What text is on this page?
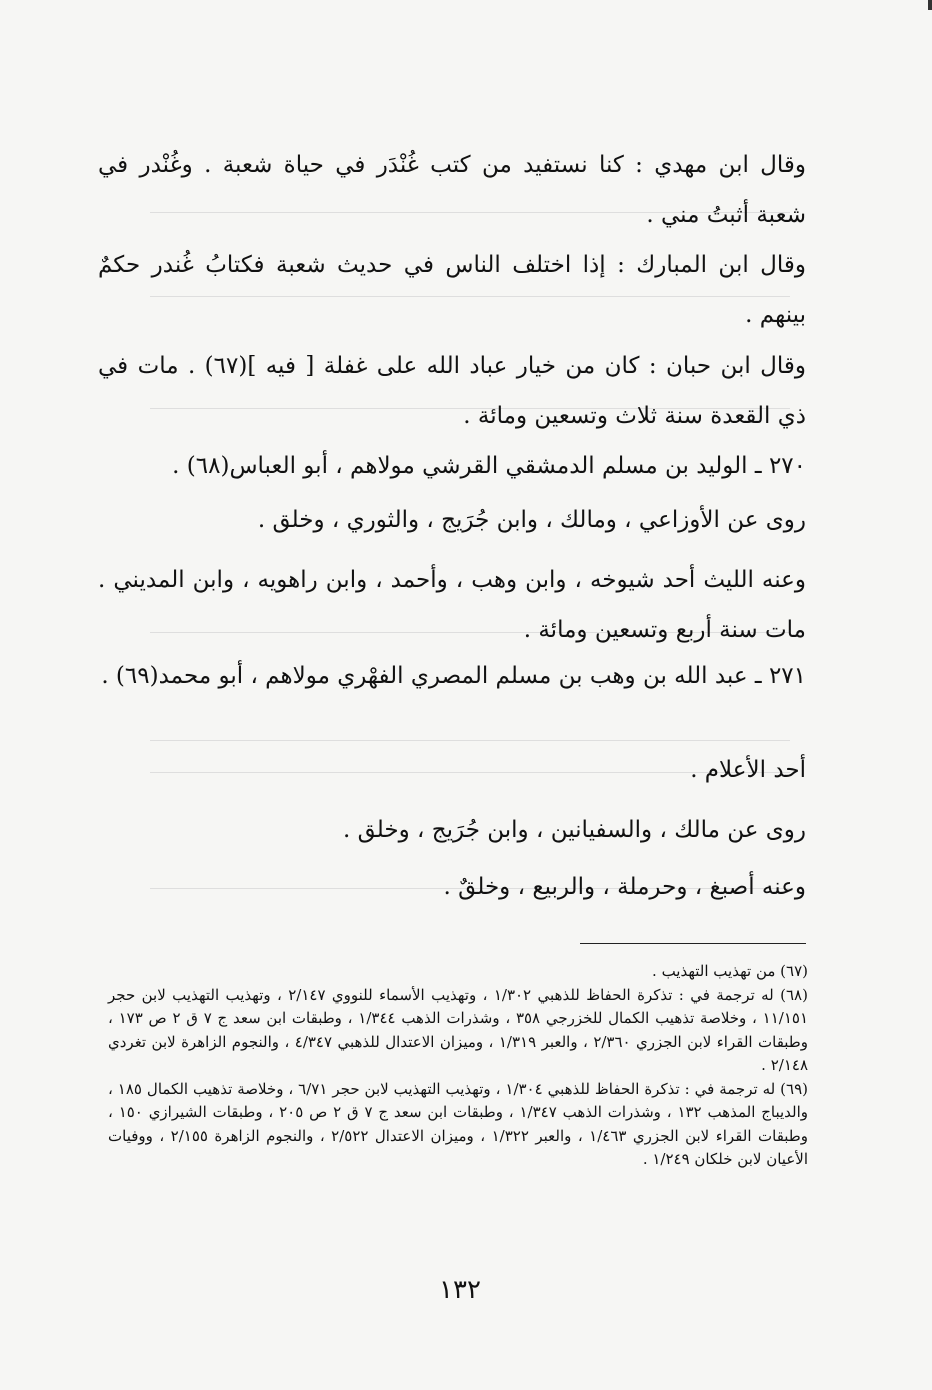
وقال ابن مهدي : كنا نستفيد من كتب غُنْدَر في حياة شعبة . وغُنْدر في شعبة أثبتُ مني .

وقال ابن المبارك : إذا اختلف الناس في حديث شعبة فكتابُ غُندر حكمٌ بينهم .

وقال ابن حبان : كان من خيار عباد الله على غفلة [ فيه ](٦٧) . مات في ذي القعدة سنة ثلاث وتسعين ومائة .

٢٧٠ ـ الوليد بن مسلم الدمشقي القرشي مولاهم ، أبو العباس(٦٨) .

روى عن الأوزاعي ، ومالك ، وابن جُرَيج ، والثوري ، وخلق .

وعنه الليث أحد شيوخه ، وابن وهب ، وأحمد ، وابن راهويه ، وابن المديني . مات سنة أربع وتسعين ومائة .

٢٧١ ـ عبد الله بن وهب بن مسلم المصري الفهْري مولاهم ، أبو محمد(٦٩) .

أحد الأعلام .

روى عن مالك ، والسفيانين ، وابن جُرَيج ، وخلق .

وعنه أصبغ ، وحرملة ، والربيع ، وخلقٌ .

(٦٧) من تهذيب التهذيب .

(٦٨) له ترجمة في : تذكرة الحفاظ للذهبي ١/٣٠٢ ، وتهذيب الأسماء للنووي ٢/١٤٧ ، وتهذيب التهذيب لابن حجر ١١/١٥١ ، وخلاصة تذهيب الكمال للخزرجي ٣٥٨ ، وشذرات الذهب ١/٣٤٤ ، وطبقات ابن سعد ج ٧ ق ٢ ص ١٧٣ ، وطبقات القراء لابن الجزري ٢/٣٦٠ ، والعبر ١/٣١٩ ، وميزان الاعتدال للذهبي ٤/٣٤٧ ، والنجوم الزاهرة لابن تغردي ٢/١٤٨ .

(٦٩) له ترجمة في : تذكرة الحفاظ للذهبي ١/٣٠٤ ، وتهذيب التهذيب لابن حجر ٦/٧١ ، وخلاصة تذهيب الكمال ١٨٥ ، والديباج المذهب ١٣٢ ، وشذرات الذهب ١/٣٤٧ ، وطبقات ابن سعد ج ٧ ق ٢ ص ٢٠٥ ، وطبقات الشيرازي ١٥٠ ، وطبقات القراء لابن الجزري ١/٤٦٣ ، والعبر ١/٣٢٢ ، وميزان الاعتدال ٢/٥٢٢ ، والنجوم الزاهرة ٢/١٥٥ ، ووفيات الأعيان لابن خلكان ١/٢٤٩ .

١٣٢
